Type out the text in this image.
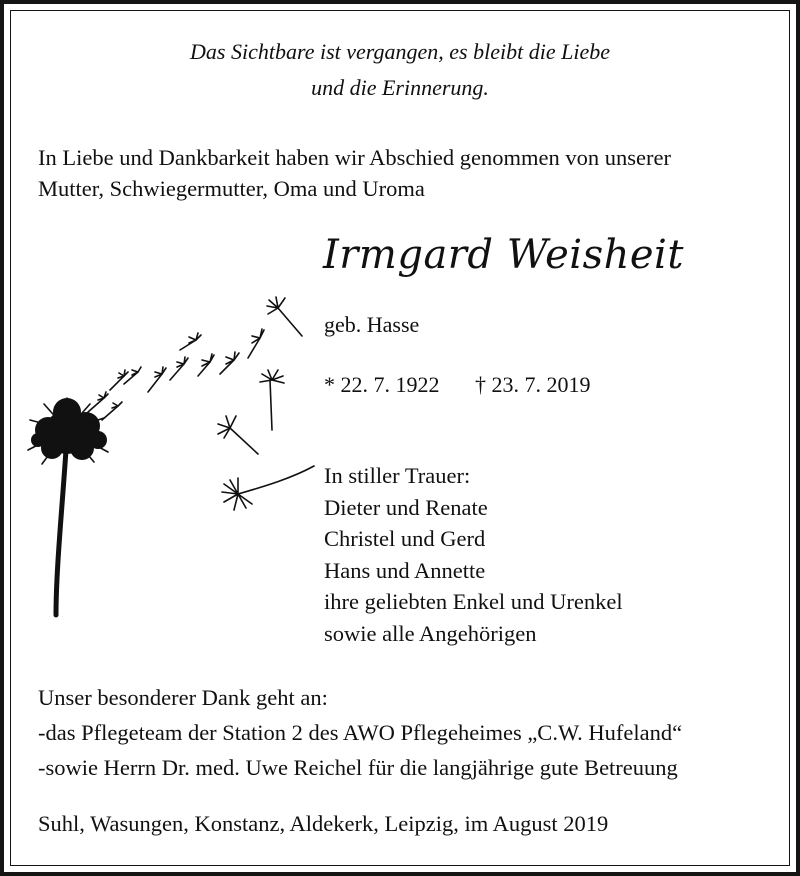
Das Sichtbare ist vergangen, es bleibt die Liebe
und die Erinnerung.
In Liebe und Dankbarkeit haben wir Abschied genommen von unserer
Mutter, Schwiegermutter, Oma und Uroma
Irmgard Weisheit
geb. Hasse
* 22. 7. 1922 † 23. 7. 2019
In stiller Trauer:
Dieter und Renate
Christel und Gerd
Hans und Annette
ihre geliebten Enkel und Urenkel
sowie alle Angehörigen
Unser besonderer Dank geht an:
-das Pflegeteam der Station 2 des AWO Pflegeheimes „C.W. Hufeland“
-sowie Herrn Dr. med. Uwe Reichel für die langjährige gute Betreuung
Suhl, Wasungen, Konstanz, Aldekerk, Leipzig, im August 2019
